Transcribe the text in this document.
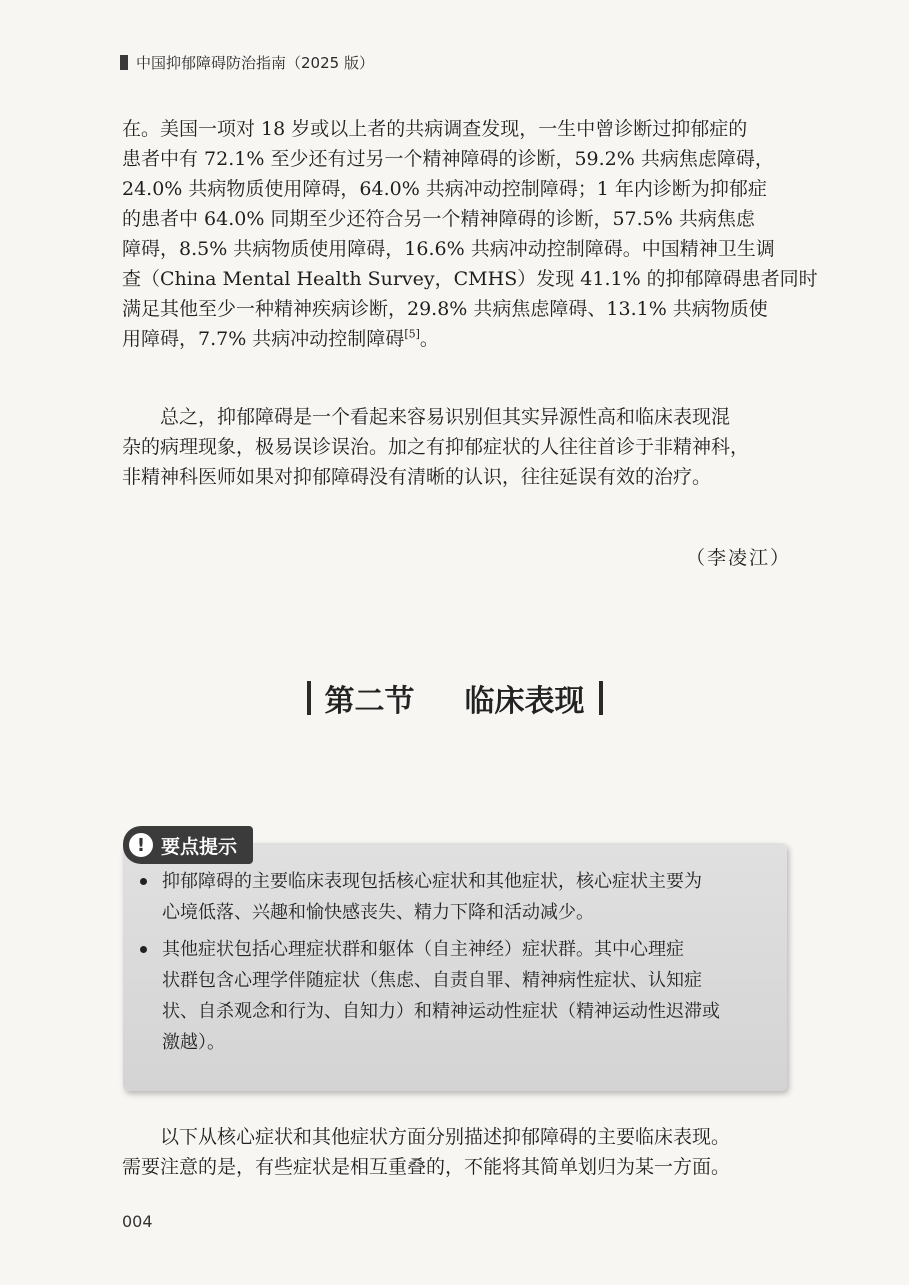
中国抑郁障碍防治指南（2025 版）

在。美国一项对 18 岁或以上者的共病调查发现，一生中曾诊断过抑郁症的
患者中有 72.1% 至少还有过另一个精神障碍的诊断，59.2% 共病焦虑障碍，
24.0% 共病物质使用障碍，64.0% 共病冲动控制障碍；1 年内诊断为抑郁症
的患者中 64.0% 同期至少还符合另一个精神障碍的诊断，57.5% 共病焦虑
障碍，8.5% 共病物质使用障碍，16.6% 共病冲动控制障碍。中国精神卫生调
查（China Mental Health Survey，CMHS）发现 41.1% 的抑郁障碍患者同时
满足其他至少一种精神疾病诊断，29.8% 共病焦虑障碍、13.1% 共病物质使
用障碍，7.7% 共病冲动控制障碍[5]。

总之，抑郁障碍是一个看起来容易识别但其实异源性高和临床表现混
杂的病理现象，极易误诊误治。加之有抑郁症状的人往往首诊于非精神科，
非精神科医师如果对抑郁障碍没有清晰的认识，往往延误有效的治疗。

（李凌江）
第二节 临床表现
! 要点提示
抑郁障碍的主要临床表现包括核心症状和其他症状，核心症状主要为
心境低落、兴趣和愉快感丧失、精力下降和活动减少。
其他症状包括心理症状群和躯体（自主神经）症状群。其中心理症
状群包含心理学伴随症状（焦虑、自责自罪、精神病性症状、认知症
状、自杀观念和行为、自知力）和精神运动性症状（精神运动性迟滞或
激越）。

以下从核心症状和其他症状方面分别描述抑郁障碍的主要临床表现。
需要注意的是，有些症状是相互重叠的，不能将其简单划归为某一方面。

004
